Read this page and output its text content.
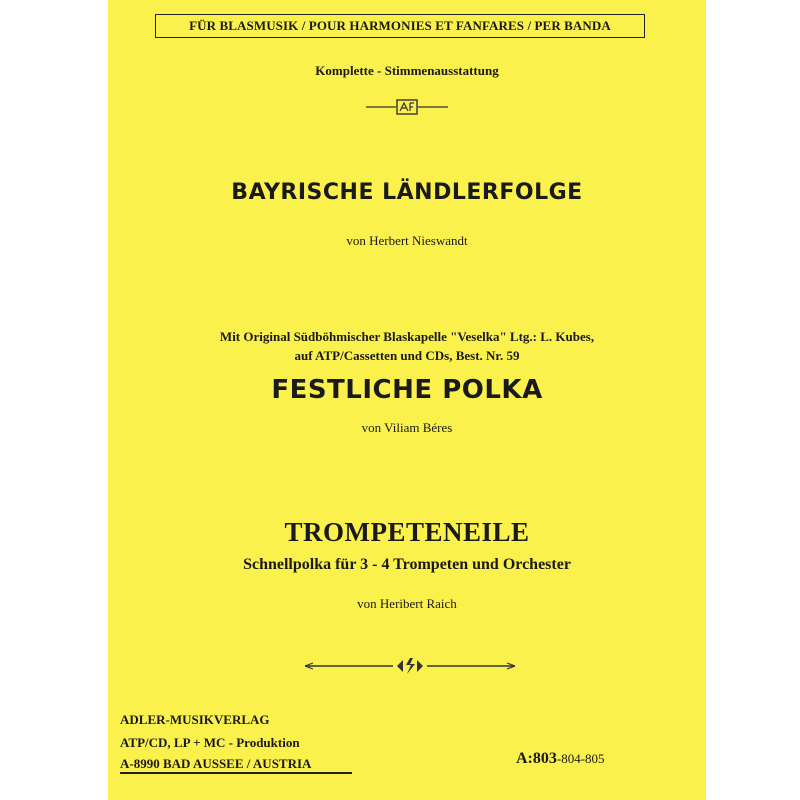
FÜR BLASMUSIK / POUR HARMONIES ET FANFARES / PER BANDA
Komplette - Stimmenausstattung
BAYRISCHE LÄNDLERFOLGE
von Herbert Nieswandt
Mit Original Südböhmischer Blaskapelle "Veselka" Ltg.: L. Kubes,
auf ATP/Cassetten und CDs, Best. Nr. 59
FESTLICHE POLKA
von Viliam Béres
TROMPETENEILE
Schnellpolka für 3 - 4 Trompeten und Orchester
von Heribert Raich
ADLER-MUSIKVERLAG
ATP/CD, LP + MC - Produktion
A-8990 BAD AUSSEE / AUSTRIA	A:803-804-805
